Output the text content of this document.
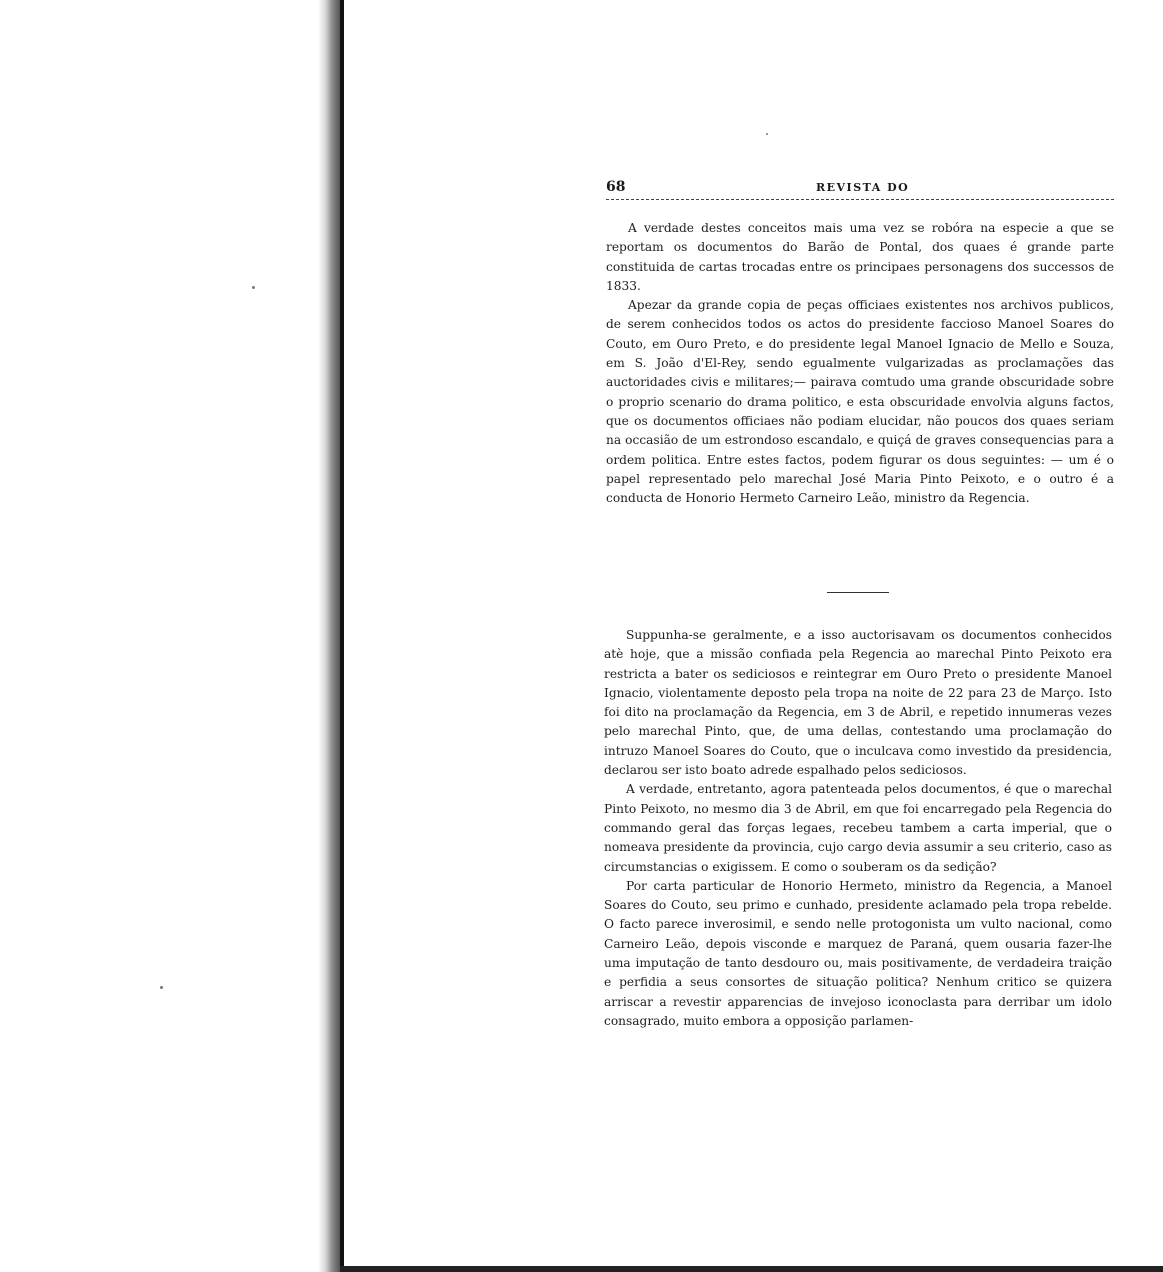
68	REVISTA DO

A verdade destes conceitos mais uma vez se robóra na especie a que se reportam os documentos do Barão de Pontal, dos quaes é grande parte constituida de cartas trocadas entre os principaes personagens dos successos de 1833.

Apezar da grande copia de peças officiaes existentes nos archivos publicos, de serem conhecidos todos os actos do presidente faccioso Manoel Soares do Couto, em Ouro Preto, e do presidente legal Manoel Ignacio de Mello e Souza, em S. João d'El-Rey, sendo egualmente vulgarizadas as proclamações das auctoridades civis e militares;— pairava comtudo uma grande obscuridade sobre o proprio scenario do drama politico, e esta obscuridade envolvia alguns factos, que os documentos officiaes não podiam elucidar, não poucos dos quaes seriam na occasião de um estrondoso escandalo, e quiçá de graves consequencias para a ordem politica. Entre estes factos, podem figurar os dous seguintes: — um é o papel representado pelo marechal José Maria Pinto Peixoto, e o outro é a conducta de Honorio Hermeto Carneiro Leão, ministro da Regencia.

Suppunha-se geralmente, e a isso auctorisavam os documentos conhecidos atè hoje, que a missão confiada pela Regencia ao marechal Pinto Peixoto era restricta a bater os sediciosos e reintegrar em Ouro Preto o presidente Manoel Ignacio, violentamente deposto pela tropa na noite de 22 para 23 de Março. Isto foi dito na proclamação da Regencia, em 3 de Abril, e repetido innumeras vezes pelo marechal Pinto, que, de uma dellas, contestando uma proclamação do intruzo Manoel Soares do Couto, que o inculcava como investido da presidencia, declarou ser isto boato adrede espalhado pelos sediciosos.

A verdade, entretanto, agora patenteada pelos documentos, é que o marechal Pinto Peixoto, no mesmo dia 3 de Abril, em que foi encarregado pela Regencia do commando geral das forças legaes, recebeu tambem a carta imperial, que o nomeava presidente da provincia, cujo cargo devia assumir a seu criterio, caso as circumstancias o exigissem. E como o souberam os da sedição?

Por carta particular de Honorio Hermeto, ministro da Regencia, a Manoel Soares do Couto, seu primo e cunhado, presidente aclamado pela tropa rebelde. O facto parece inverosimil, e sendo nelle protogonista um vulto nacional, como Carneiro Leão, depois visconde e marquez de Paraná, quem ousaria fazer-lhe uma imputação de tanto desdouro ou, mais positivamente, de verdadeira traição e perfidia a seus consortes de situação politica? Nenhum critico se quizera arriscar a revestir apparencias de invejoso iconoclasta para derribar um idolo consagrado, muito embora a opposição parlamen-
